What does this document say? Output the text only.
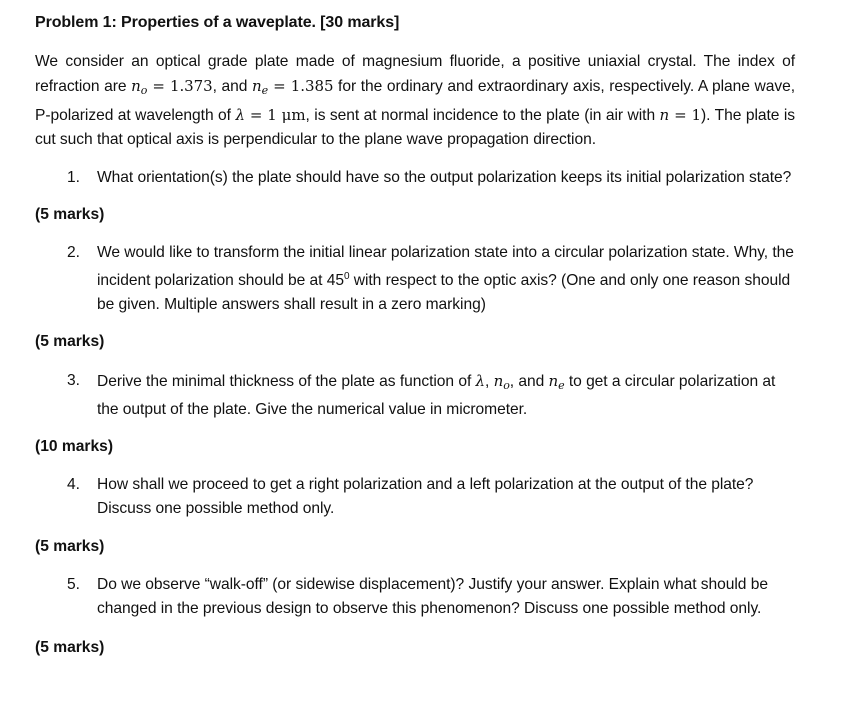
Problem 1: Properties of a waveplate. [30 marks]

We consider an optical grade plate made of magnesium fluoride, a positive uniaxial crystal. The index of refraction are $n_o = 1.373$, and $n_e = 1.385$ for the ordinary and extraordinary axis, respectively. A plane wave, P-polarized at wavelength of λ = 1 μm, is sent at normal incidence to the plate (in air with n = 1). The plate is cut such that optical axis is perpendicular to the plane wave propagation direction.

1.	What orientation(s) the plate should have so the output polarization keeps its initial polarization state?

(5 marks)

2.	We would like to transform the initial linear polarization state into a circular polarization state. Why, the incident polarization should be at $45^0$ with respect to the optic axis? (One and only one reason should be given. Multiple answers shall result in a zero marking)

(5 marks)

3.	Derive the minimal thickness of the plate as function of λ, $n_o$, and $n_e$ to get a circular polarization at the output of the plate. Give the numerical value in micrometer.

(10 marks)

4.	How shall we proceed to get a right polarization and a left polarization at the output of the plate? Discuss one possible method only.

(5 marks)

5.	Do we observe “walk-off” (or sidewise displacement)? Justify your answer. Explain what should be changed in the previous design to observe this phenomenon? Discuss one possible method only.

(5 marks)
